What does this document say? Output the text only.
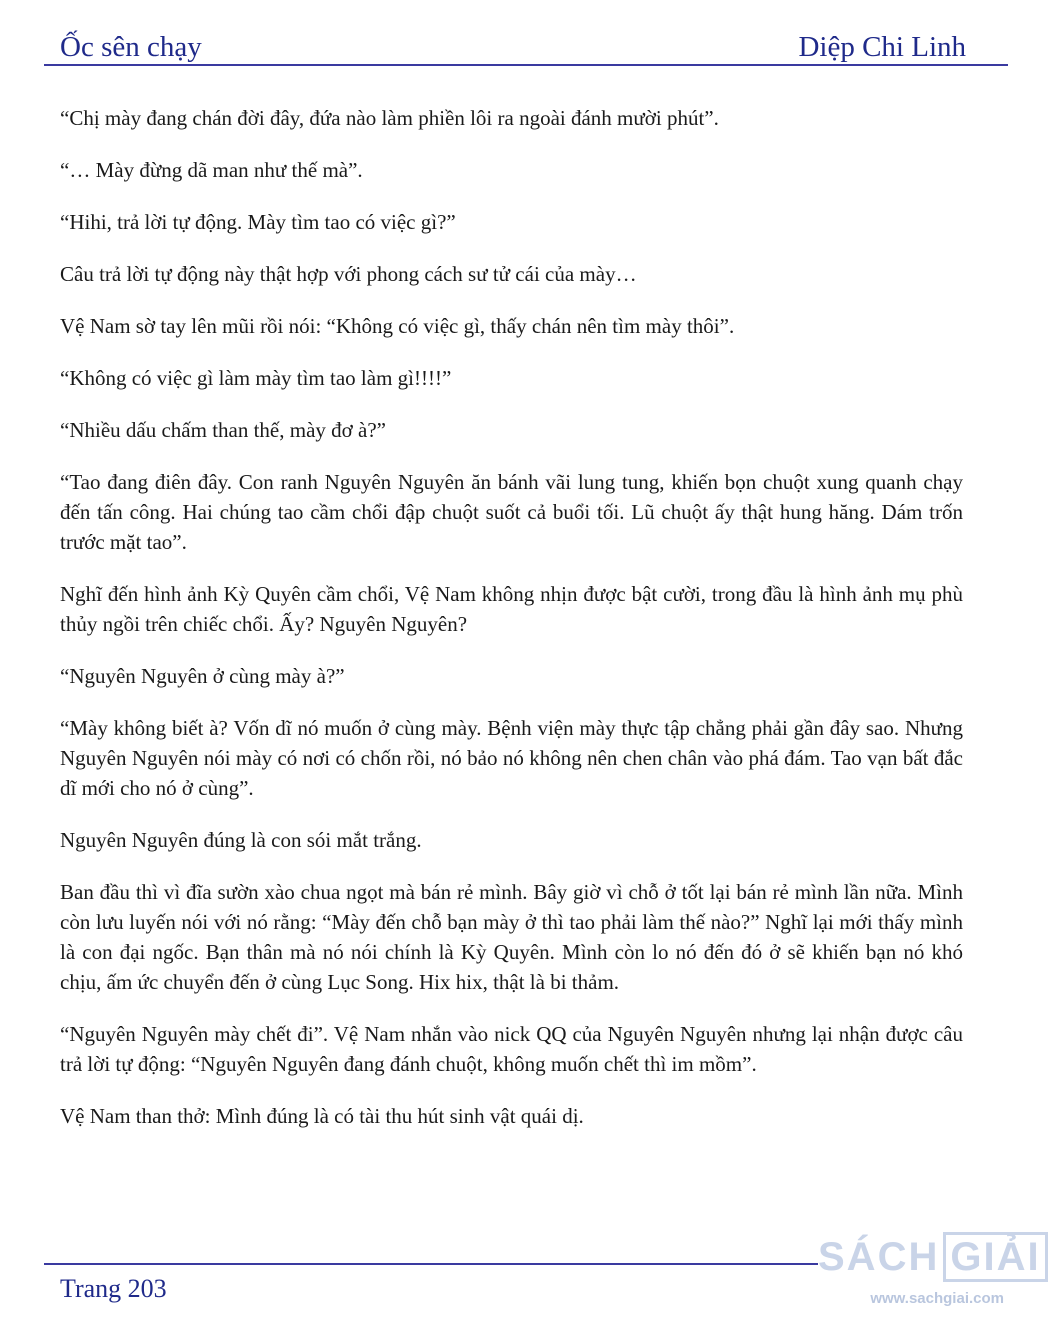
Ốc sên chạy	Diệp Chi Linh

“Chị mày đang chán đời đây, đứa nào làm phiền lôi ra ngoài đánh mười phút”.

“… Mày đừng dã man như thế mà”.

“Hihi, trả lời tự động. Mày tìm tao có việc gì?”

Câu trả lời tự động này thật hợp với phong cách sư tử cái của mày…

Vệ Nam sờ tay lên mũi rồi nói: “Không có việc gì, thấy chán nên tìm mày thôi”.

“Không có việc gì làm mày tìm tao làm gì!!!!”

“Nhiều dấu chấm than thế, mày đơ à?”

“Tao đang điên đây. Con ranh Nguyên Nguyên ăn bánh vãi lung tung, khiến bọn chuột xung quanh chạy đến tấn công. Hai chúng tao cầm chổi đập chuột suốt cả buổi tối. Lũ chuột ấy thật hung hăng. Dám trốn trước mặt tao”.

Nghĩ đến hình ảnh Kỳ Quyên cầm chổi, Vệ Nam không nhịn được bật cười, trong đầu là hình ảnh mụ phù thủy ngồi trên chiếc chổi. Ấy? Nguyên Nguyên?

“Nguyên Nguyên ở cùng mày à?”

“Mày không biết à? Vốn dĩ nó muốn ở cùng mày. Bệnh viện mày thực tập chẳng phải gần đây sao. Nhưng Nguyên Nguyên nói mày có nơi có chốn rồi, nó bảo nó không nên chen chân vào phá đám. Tao vạn bất đắc dĩ mới cho nó ở cùng”.

Nguyên Nguyên đúng là con sói mắt trắng.

Ban đầu thì vì đĩa sườn xào chua ngọt mà bán rẻ mình. Bây giờ vì chỗ ở tốt lại bán rẻ mình lần nữa. Mình còn lưu luyến nói với nó rằng: “Mày đến chỗ bạn mày ở thì tao phải làm thế nào?” Nghĩ lại mới thấy mình là con đại ngốc. Bạn thân mà nó nói chính là Kỳ Quyên. Mình còn lo nó đến đó ở sẽ khiến bạn nó khó chịu, ấm ức chuyển đến ở cùng Lục Song. Hix hix, thật là bi thảm.

“Nguyên Nguyên mày chết đi”. Vệ Nam nhắn vào nick QQ của Nguyên Nguyên nhưng lại nhận được câu trả lời tự động: “Nguyên Nguyên đang đánh chuột, không muốn chết thì im mồm”.

Vệ Nam than thở: Mình đúng là có tài thu hút sinh vật quái dị.

Trang 203
SÁCH GIẢI
www.sachgiai.com
